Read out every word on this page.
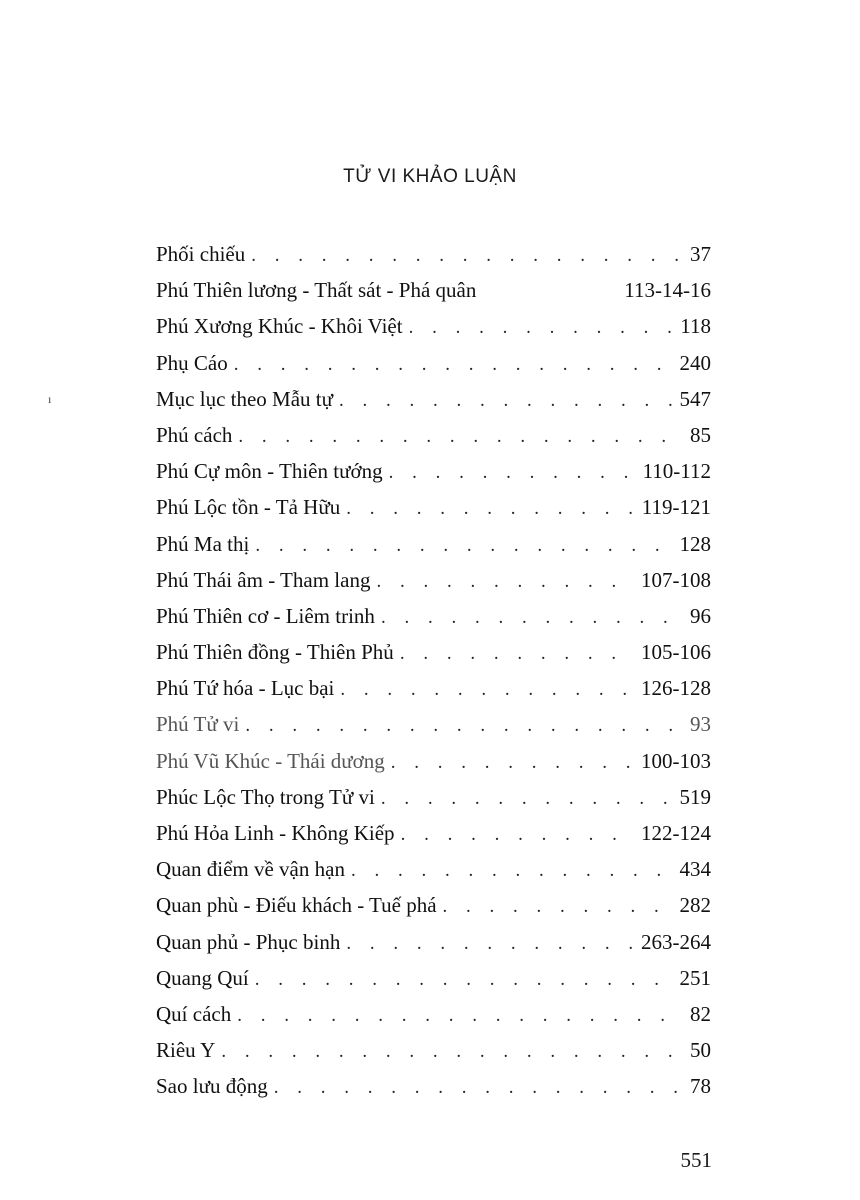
TỬ VI KHẢO LUẬN
ı
Phối chiếu . . .	37
Phú Thiên lương - Thất sát - Phá quân	113-14-16
Phú Xương Khúc - Khôi Việt . . .	118
Phụ Cáo . . .	240
Mục lục theo Mẫu tự . . .	547
Phú cách . . .	85
Phú Cự môn - Thiên tướng . . .	110-112
Phú Lộc tồn - Tả Hữu . . .	119-121
Phú Ma thị . . .	128
Phú Thái âm - Tham lang . . .	107-108
Phú Thiên cơ - Liêm trinh . . .	96
Phú Thiên đồng - Thiên Phủ . . .	105-106
Phú Tứ hóa - Lục bại . . .	126-128
Phú Tử vi . . .	93
Phú Vũ Khúc - Thái dương . . .	100-103
Phúc Lộc Thọ trong Tử vi . . .	519
Phú Hỏa Linh - Không Kiếp . . .	122-124
Quan điểm về vận hạn . . .	434
Quan phù - Điếu khách - Tuế phá . . .	282
Quan phủ - Phục binh . . .	263-264
Quang Quí . . .	251
Quí cách . . .	82
Riêu Y . . .	50
Sao lưu động . . .	78
551
